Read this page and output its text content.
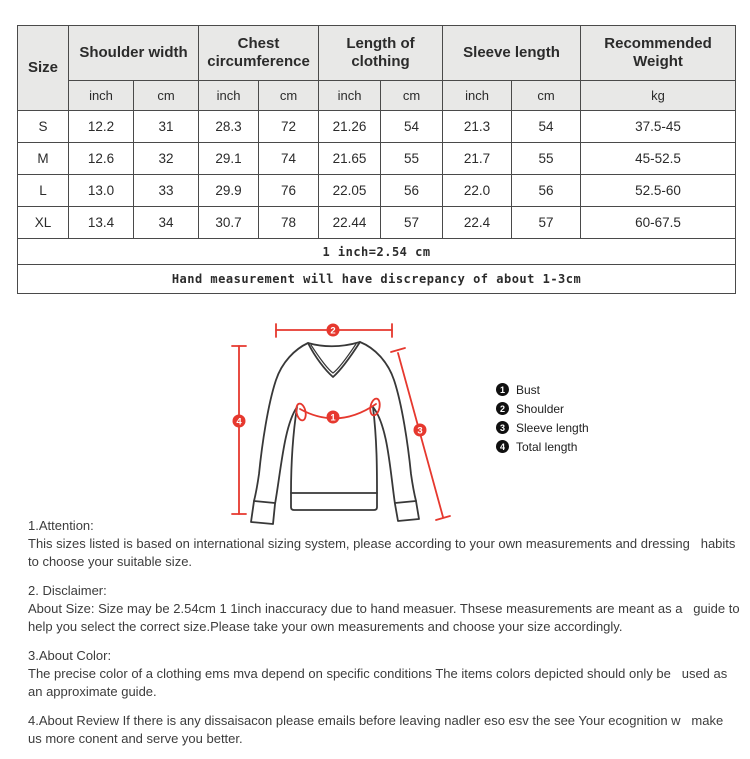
Size	Shoulder width		Chest circumference		Length of clothing		Sleeve length		Recommended Weight
	inch	cm	inch	cm	inch	cm	inch	cm	kg
S	12.2	31	28.3	72	21.26	54	21.3	54	37.5-45
M	12.6	32	29.1	74	21.65	55	21.7	55	45-52.5
L	13.0	33	29.9	76	22.05	56	22.0	56	52.5-60
XL	13.4	34	30.7	78	22.44	57	22.4	57	60-67.5
1 inch=2.54 cm									
Hand measurement will have discrepancy of about 1-3cm									
1
2
3
4
1 Bust
2 Shoulder
3 Sleeve length
4 Total length

1.Attention:

This sizes listed is based on international sizing system, please according to your own measurements and dressing   habits to choose your suitable size.

2. Disclaimer:

About Size: Size may be 2.54cm 1 1inch inaccuracy due to hand measuer. Thsese measurements are meant as a   guide to help you select the correct size.Please take your own measurements and choose your size accordingly.

3.About Color:

The precise color of a clothing ems mva depend on specific conditions The items colors depicted should only be   used as an approximate guide.

4.About Review If there is any dissaisacon please emails before leaving nadler eso esv the see Your ecognition w   make us more conent and serve you better.
